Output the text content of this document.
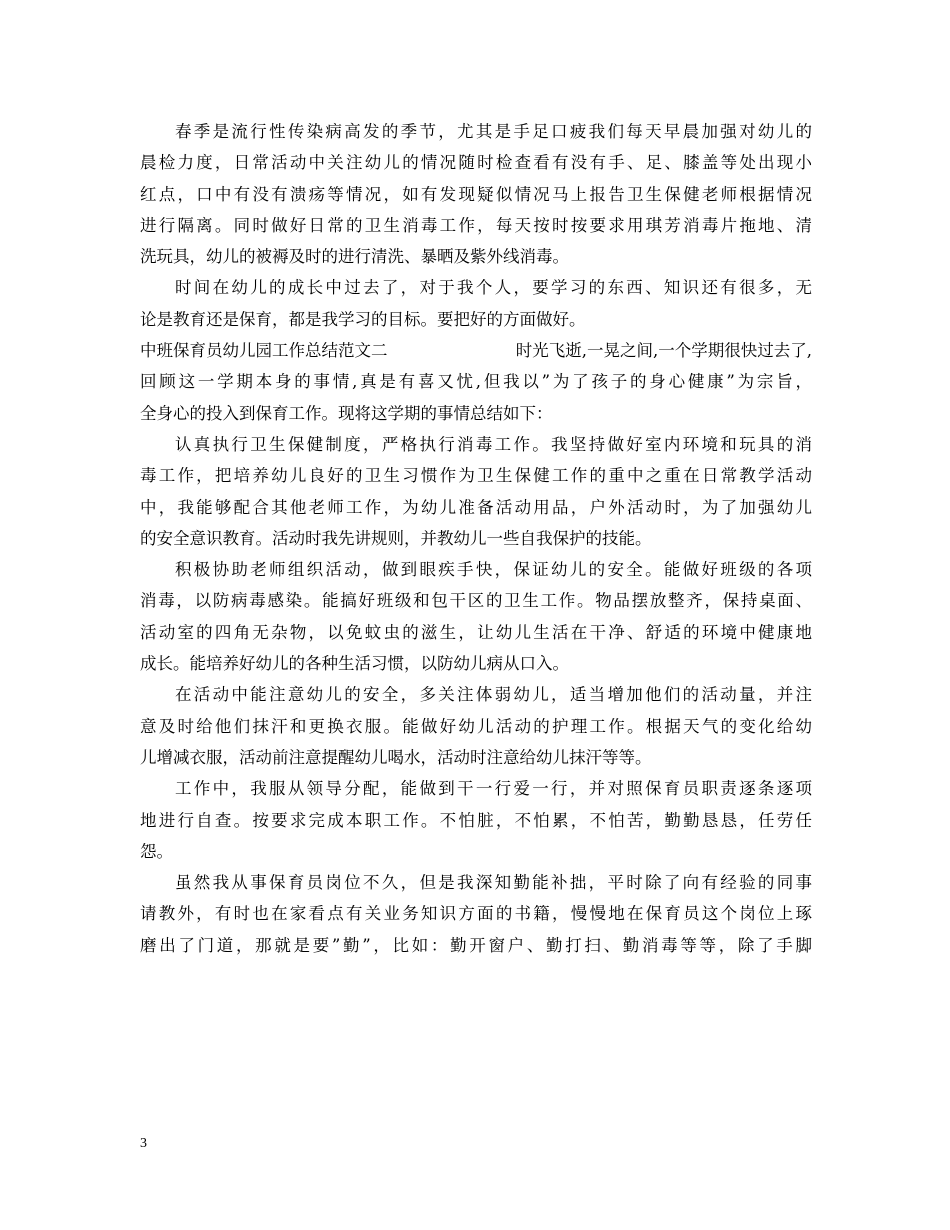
春季是流行性传染病高发的季节，尤其是手足口疲我们每天早晨加强对幼儿的
晨检力度，日常活动中关注幼儿的情况随时检查看有没有手、足、膝盖等处出现小
红点，口中有没有溃疡等情况，如有发现疑似情况马上报告卫生保健老师根据情况
进行隔离。同时做好日常的卫生消毒工作，每天按时按要求用琪芳消毒片拖地、清
洗玩具，幼儿的被褥及时的进行清洗、暴晒及紫外线消毒。
时间在幼儿的成长中过去了，对于我个人，要学习的东西、知识还有很多，无
论是教育还是保育，都是我学习的目标。要把好的方面做好。
中班保育员幼儿园工作总结范文二	时光飞逝,一晃之间,一个学期很快过去了,
回顾这一学期本身的事情,真是有喜又忧,但我以”为了孩子的身心健康”为宗旨，
全身心的投入到保育工作。现将这学期的事情总结如下：
认真执行卫生保健制度，严格执行消毒工作。我坚持做好室内环境和玩具的消
毒工作，把培养幼儿良好的卫生习惯作为卫生保健工作的重中之重在日常教学活动
中，我能够配合其他老师工作，为幼儿准备活动用品，户外活动时，为了加强幼儿
的安全意识教育。活动时我先讲规则，并教幼儿一些自我保护的技能。
积极协助老师组织活动，做到眼疾手快，保证幼儿的安全。能做好班级的各项
消毒，以防病毒感染。能搞好班级和包干区的卫生工作。物品摆放整齐，保持桌面、
活动室的四角无杂物，以免蚊虫的滋生，让幼儿生活在干净、舒适的环境中健康地
成长。能培养好幼儿的各种生活习惯，以防幼儿病从口入。
在活动中能注意幼儿的安全，多关注体弱幼儿，适当增加他们的活动量，并注
意及时给他们抹汗和更换衣服。能做好幼儿活动的护理工作。根据天气的变化给幼
儿增减衣服，活动前注意提醒幼儿喝水，活动时注意给幼儿抹汗等等。
工作中，我服从领导分配，能做到干一行爱一行，并对照保育员职责逐条逐项
地进行自查。按要求完成本职工作。不怕脏，不怕累，不怕苦，勤勤恳恳，任劳任
怨。
虽然我从事保育员岗位不久，但是我深知勤能补拙，平时除了向有经验的同事
请教外，有时也在家看点有关业务知识方面的书籍，慢慢地在保育员这个岗位上琢
磨出了门道，那就是要”勤”，比如：勤开窗户、勤打扫、勤消毒等等，除了手脚
3
